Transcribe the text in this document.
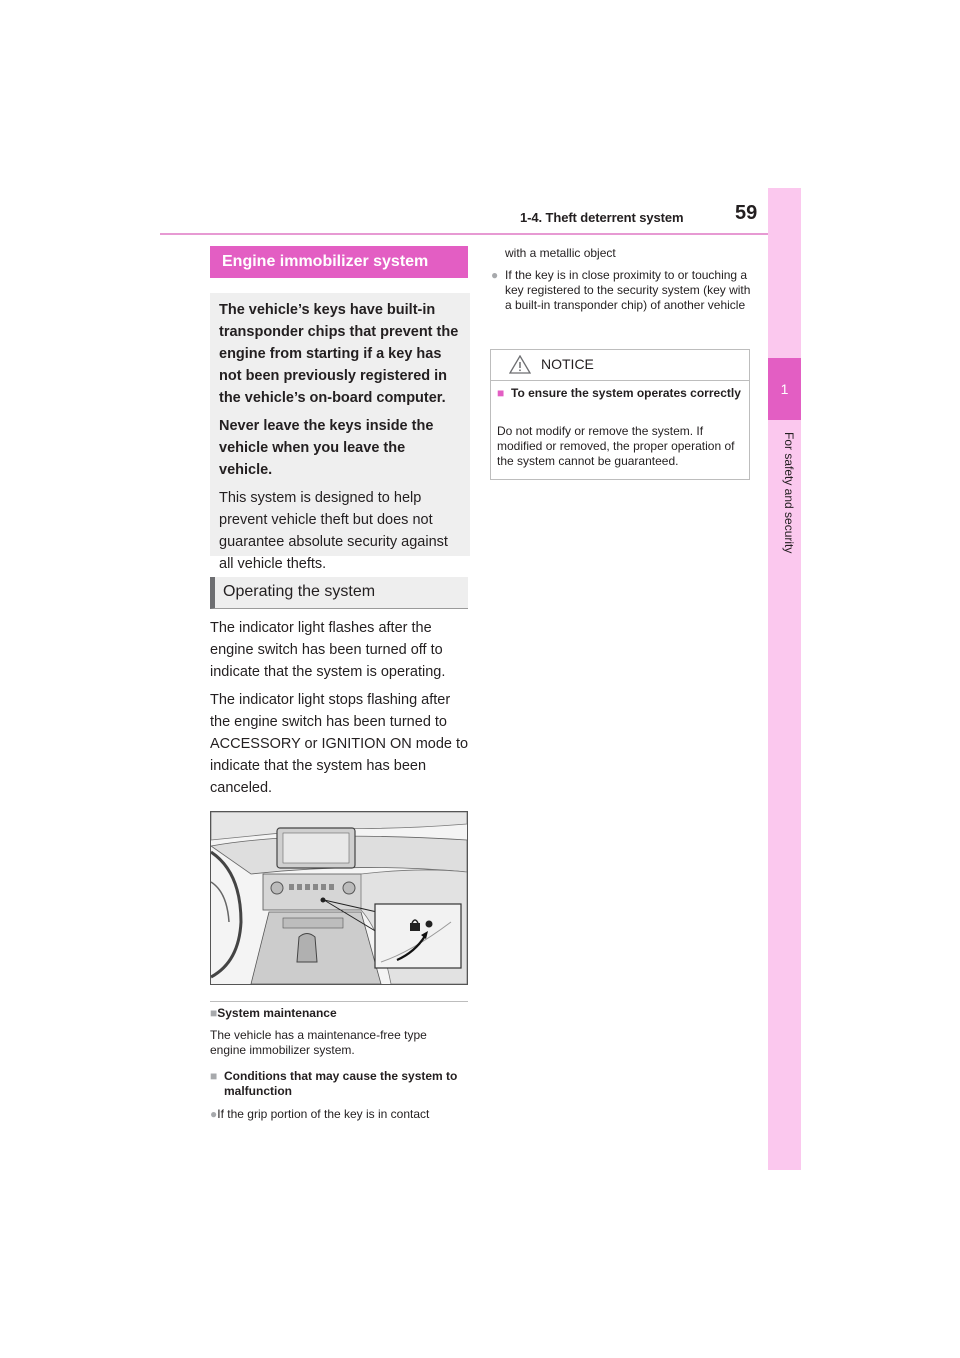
1-4. Theft deterrent system	59
1
For safety and security
Engine immobilizer system

The vehicle’s keys have built-in transponder chips that prevent the engine from starting if a key has not been previously registered in the vehicle’s on-board computer.

Never leave the keys inside the vehicle when you leave the vehicle.

This system is designed to help prevent vehicle theft but does not guarantee absolute security against all vehicle thefts.

Operating the system

The indicator light flashes after the engine switch has been turned off to indicate that the system is operating.

The indicator light stops flashing after the engine switch has been turned to ACCESSORY or IGNITION ON mode to indicate that the system has been canceled.

■System maintenance
The vehicle has a maintenance-free type engine immobilizer system.
■ Conditions that may cause the system to malfunction
●If the grip portion of the key is in contact
with a metallic object
● If the key is in close proximity to or touching a key registered to the security system (key with a built-in transponder chip) of another vehicle
NOTICE
■ To ensure the system operates correctly
Do not modify or remove the system. If modified or removed, the proper operation of the system cannot be guaranteed.
